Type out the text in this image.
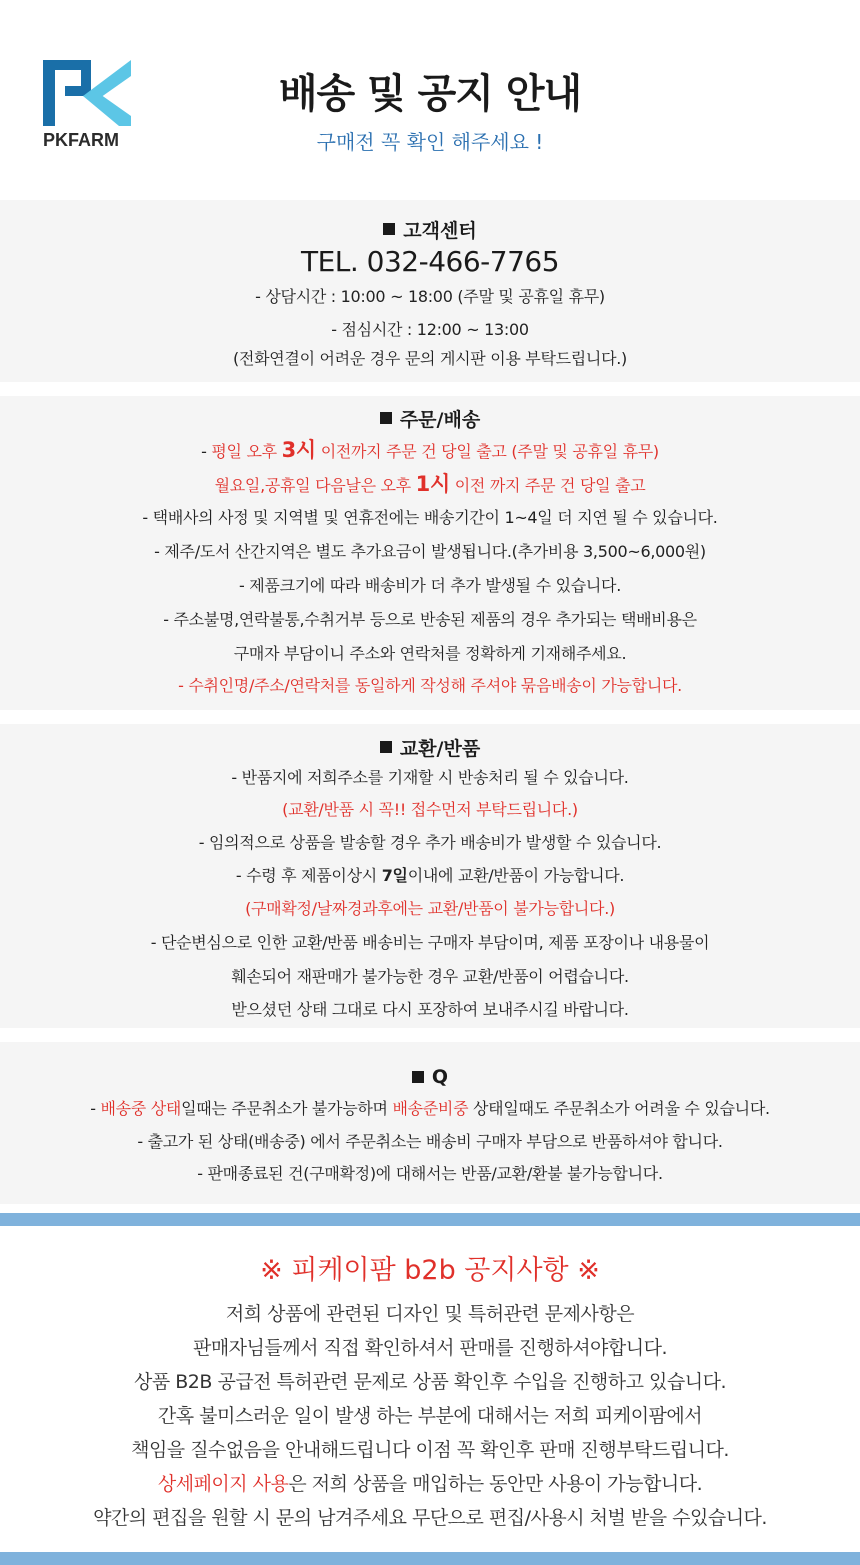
PKFARM
배송 및 공지 안내
구매전 꼭 확인 해주세요 !
고객센터
TEL. 032-466-7765
- 상담시간 : 10:00 ~ 18:00 (주말 및 공휴일 휴무)
- 점심시간 : 12:00 ~ 13:00
(전화연결이 어려운 경우 문의 게시판 이용 부탁드립니다.)
주문/배송
- 평일 오후 3시 이전까지 주문 건 당일 출고 (주말 및 공휴일 휴무)
월요일,공휴일 다음날은 오후 1시 이전 까지 주문 건 당일 출고
- 택배사의 사정 및 지역별 및 연휴전에는 배송기간이 1~4일 더 지연 될 수 있습니다.
- 제주/도서 산간지역은 별도 추가요금이 발생됩니다.(추가비용 3,500~6,000원)
- 제품크기에 따라 배송비가 더 추가 발생될 수 있습니다.
- 주소불명,연락불통,수취거부 등으로 반송된 제품의 경우 추가되는 택배비용은
구매자 부담이니 주소와 연락처를 정확하게 기재해주세요.
- 수취인명/주소/연락처를 동일하게 작성해 주셔야 묶음배송이 가능합니다.
교환/반품
- 반품지에 저희주소를 기재할 시 반송처리 될 수 있습니다.
(교환/반품 시 꼭!! 접수먼저 부탁드립니다.)
- 임의적으로 상품을 발송할 경우 추가 배송비가 발생할 수 있습니다.
- 수령 후 제품이상시 7일이내에 교환/반품이 가능합니다.
(구매확정/날짜경과후에는 교환/반품이 불가능합니다.)
- 단순변심으로 인한 교환/반품 배송비는 구매자 부담이며, 제품 포장이나 내용물이
훼손되어 재판매가 불가능한 경우 교환/반품이 어렵습니다.
받으셨던 상태 그대로 다시 포장하여 보내주시길 바랍니다.
Q
- 배송중 상태일때는 주문취소가 불가능하며 배송준비중 상태일때도 주문취소가 어려울 수 있습니다.
- 출고가 된 상태(배송중) 에서 주문취소는 배송비 구매자 부담으로 반품하셔야 합니다.
- 판매종료된 건(구매확정)에 대해서는 반품/교환/환불 불가능합니다.
※ 피케이팜 b2b 공지사항 ※
저희 상품에 관련된 디자인 및 특허관련 문제사항은
판매자님들께서 직접 확인하셔서 판매를 진행하셔야합니다.
상품 B2B 공급전 특허관련 문제로 상품 확인후 수입을 진행하고 있습니다.
간혹 불미스러운 일이 발생 하는 부분에 대해서는 저희 피케이팜에서
책임을 질수없음을 안내해드립니다 이점 꼭 확인후 판매 진행부탁드립니다.
상세페이지 사용은 저희 상품을 매입하는 동안만 사용이 가능합니다.
약간의 편집을 원할 시 문의 남겨주세요 무단으로 편집/사용시 처벌 받을 수있습니다.
